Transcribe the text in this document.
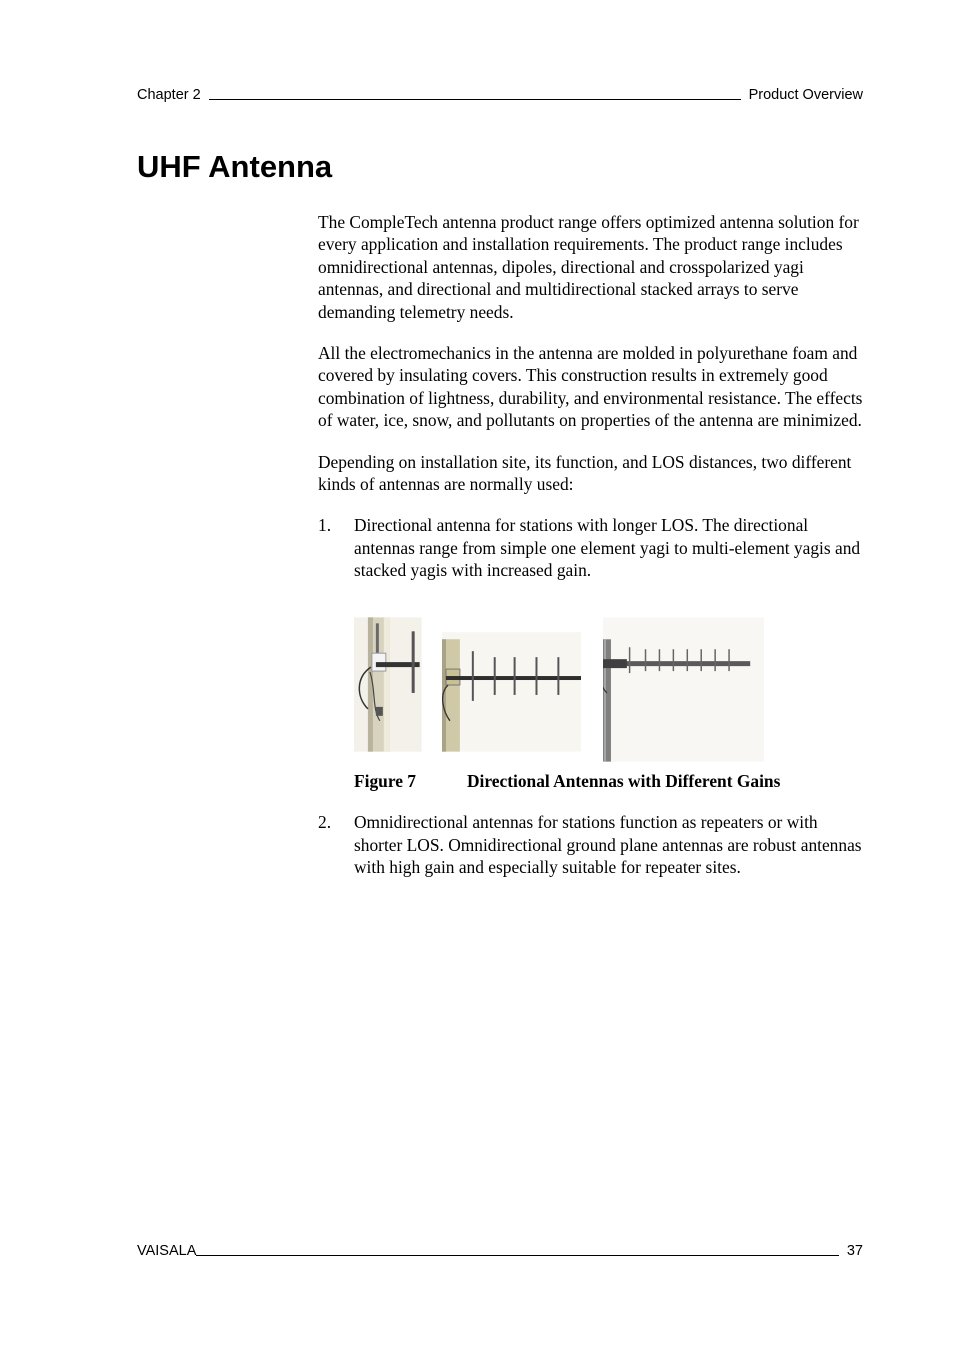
Chapter 2	Product Overview
UHF Antenna

The CompleTech antenna product range offers optimized antenna solution for every application and installation requirements. The product range includes omnidirectional antennas, dipoles, directional and crosspolarized yagi antennas, and directional and multidirectional stacked arrays to serve demanding telemetry needs.

All the electromechanics in the antenna are molded in polyurethane foam and covered by insulating covers. This construction results in extremely good combination of lightness, durability, and environmental resistance. The effects of water, ice, snow, and pollutants on properties of the antenna are minimized.

Depending on installation site, its function, and LOS distances, two different kinds of antennas are normally used:

1.	Directional antenna for stations with longer LOS. The directional antennas range from simple one element yagi to multi-element yagis and stacked yagis with increased gain.
Figure 7	Directional Antennas with Different Gains
2.	Omnidirectional antennas for stations function as repeaters or with shorter LOS. Omnidirectional ground plane antennas are robust antennas with high gain and especially suitable for repeater sites.
VAISALA	37
